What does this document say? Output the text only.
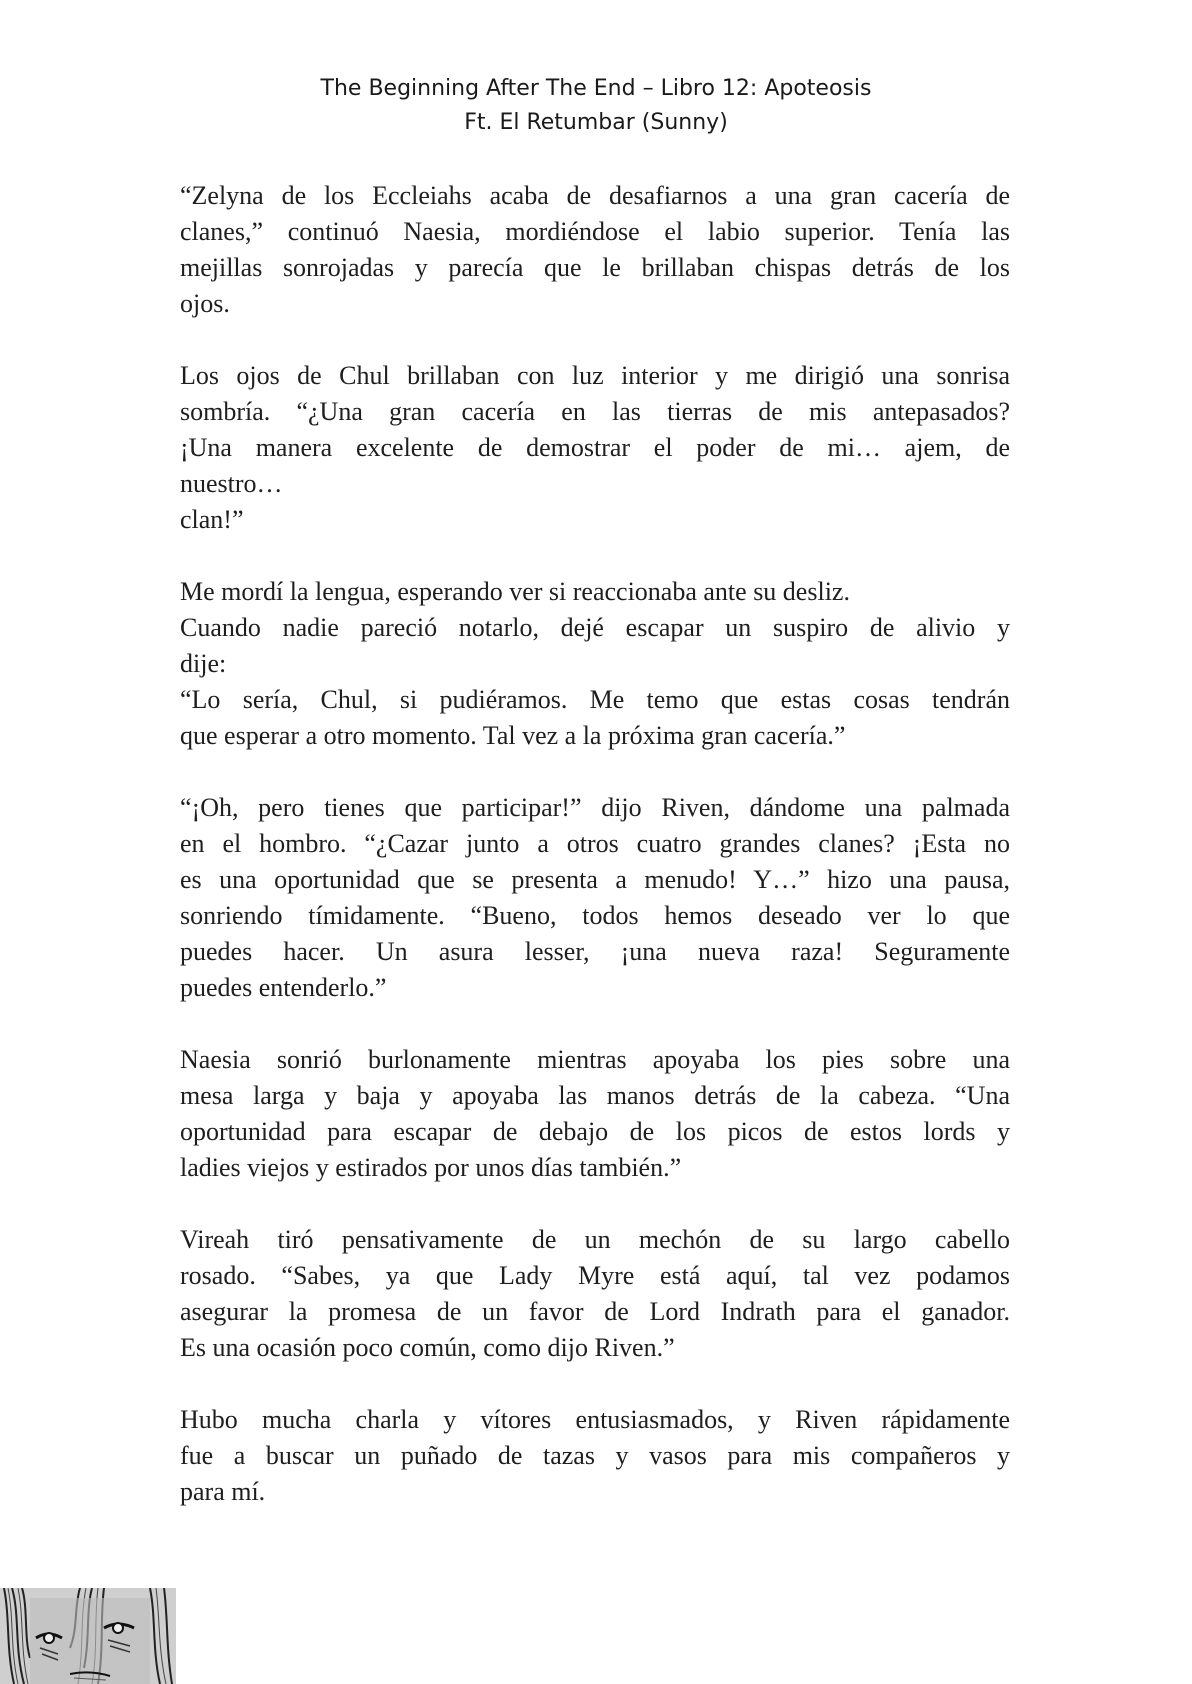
The Beginning After The End – Libro 12: Apoteosis
Ft. El Retumbar (Sunny)
“Zelyna de los Eccleiahs acaba de desafiarnos a una gran cacería de
clanes,” continuó Naesia, mordiéndose el labio superior. Tenía las
mejillas sonrojadas y parecía que le brillaban chispas detrás de los
ojos.
Los ojos de Chul brillaban con luz interior y me dirigió una sonrisa
sombría. “¿Una gran cacería en las tierras de mis antepasados?
¡Una manera excelente de demostrar el poder de mi… ajem, de
nuestro…
clan!”
Me mordí la lengua, esperando ver si reaccionaba ante su desliz.
Cuando nadie pareció notarlo, dejé escapar un suspiro de alivio y
dije:
“Lo sería, Chul, si pudiéramos. Me temo que estas cosas tendrán
que esperar a otro momento. Tal vez a la próxima gran cacería.”
“¡Oh, pero tienes que participar!” dijo Riven, dándome una palmada
en el hombro. “¿Cazar junto a otros cuatro grandes clanes? ¡Esta no
es una oportunidad que se presenta a menudo! Y…” hizo una pausa,
sonriendo tímidamente. “Bueno, todos hemos deseado ver lo que
puedes hacer. Un asura lesser, ¡una nueva raza! Seguramente
puedes entenderlo.”
Naesia sonrió burlonamente mientras apoyaba los pies sobre una
mesa larga y baja y apoyaba las manos detrás de la cabeza. “Una
oportunidad para escapar de debajo de los picos de estos lords y
ladies viejos y estirados por unos días también.”
Vireah tiró pensativamente de un mechón de su largo cabello
rosado. “Sabes, ya que Lady Myre está aquí, tal vez podamos
asegurar la promesa de un favor de Lord Indrath para el ganador.
Es una ocasión poco común, como dijo Riven.”
Hubo mucha charla y vítores entusiasmados, y Riven rápidamente
fue a buscar un puñado de tazas y vasos para mis compañeros y
para mí.
